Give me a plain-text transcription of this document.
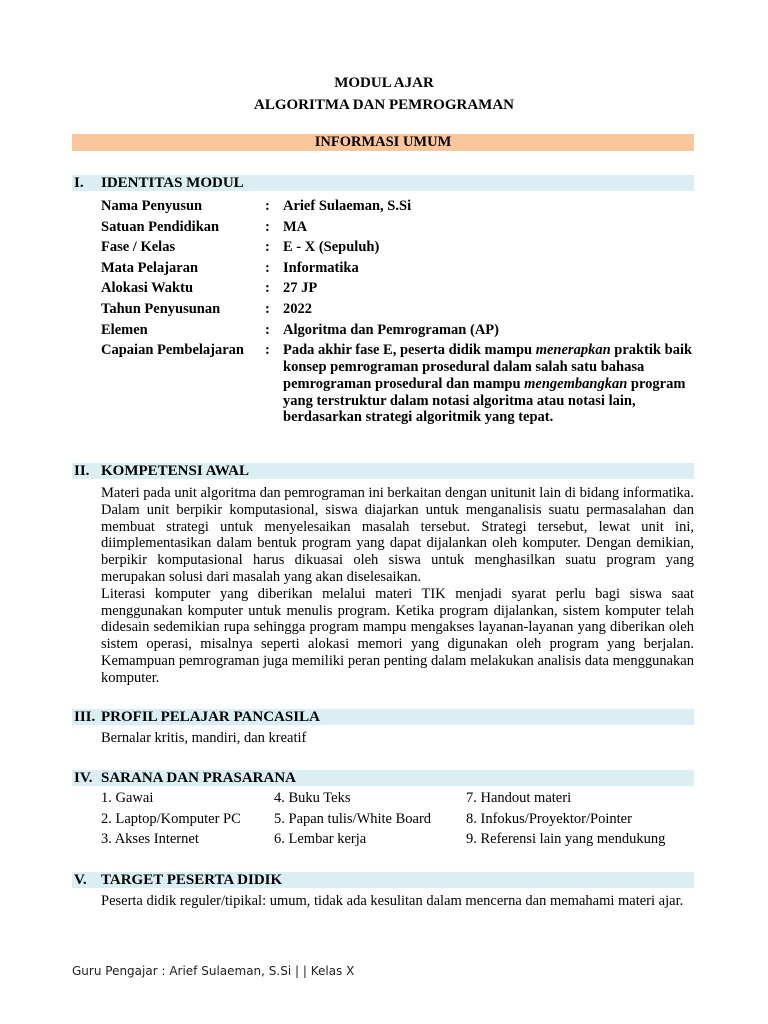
MODUL AJAR
ALGORITMA DAN PEMROGRAMAN
INFORMASI UMUM
I. IDENTITAS MODUL
Nama Penyusun	: Arief Sulaeman, S.Si
Satuan Pendidikan	: MA
Fase / Kelas	: E - X (Sepuluh)
Mata Pelajaran	: Informatika
Alokasi Waktu	: 27 JP
Tahun Penyusunan	: 2022
Elemen	: Algoritma dan Pemrograman (AP)
Capaian Pembelajaran : Pada akhir fase E, peserta didik mampu menerapkan praktik baik konsep pemrograman prosedural dalam salah satu bahasa pemrograman prosedural dan mampu mengembangkan program yang terstruktur dalam notasi algoritma atau notasi lain, berdasarkan strategi algoritmik yang tepat.
II. KOMPETENSI AWAL
Materi pada unit algoritma dan pemrograman ini berkaitan dengan unitunit lain di bidang informatika. Dalam unit berpikir komputasional, siswa diajarkan untuk menganalisis suatu permasalahan dan membuat strategi untuk menyelesaikan masalah tersebut. Strategi tersebut, lewat unit ini, diimplementasikan dalam bentuk program yang dapat dijalankan oleh komputer. Dengan demikian, berpikir komputasional harus dikuasai oleh siswa untuk menghasilkan suatu program yang merupakan solusi dari masalah yang akan diselesaikan.
Literasi komputer yang diberikan melalui materi TIK menjadi syarat perlu bagi siswa saat menggunakan komputer untuk menulis program. Ketika program dijalankan, sistem komputer telah didesain sedemikian rupa sehingga program mampu mengakses layanan-layanan yang diberikan oleh sistem operasi, misalnya seperti alokasi memori yang digunakan oleh program yang berjalan. Kemampuan pemrograman juga memiliki peran penting dalam melakukan analisis data menggunakan komputer.
III. PROFIL PELAJAR PANCASILA
Bernalar kritis, mandiri, dan kreatif
IV. SARANA DAN PRASARANA
1. Gawai	4. Buku Teks	7. Handout materi
2. Laptop/Komputer PC 5. Papan tulis/White Board 8. Infokus/Proyektor/Pointer
3. Akses Internet	6. Lembar kerja	9. Referensi lain yang mendukung
V. TARGET PESERTA DIDIK
Peserta didik reguler/tipikal: umum, tidak ada kesulitan dalam mencerna dan memahami materi ajar.
Guru Pengajar : Arief Sulaeman, S.Si | | Kelas X
